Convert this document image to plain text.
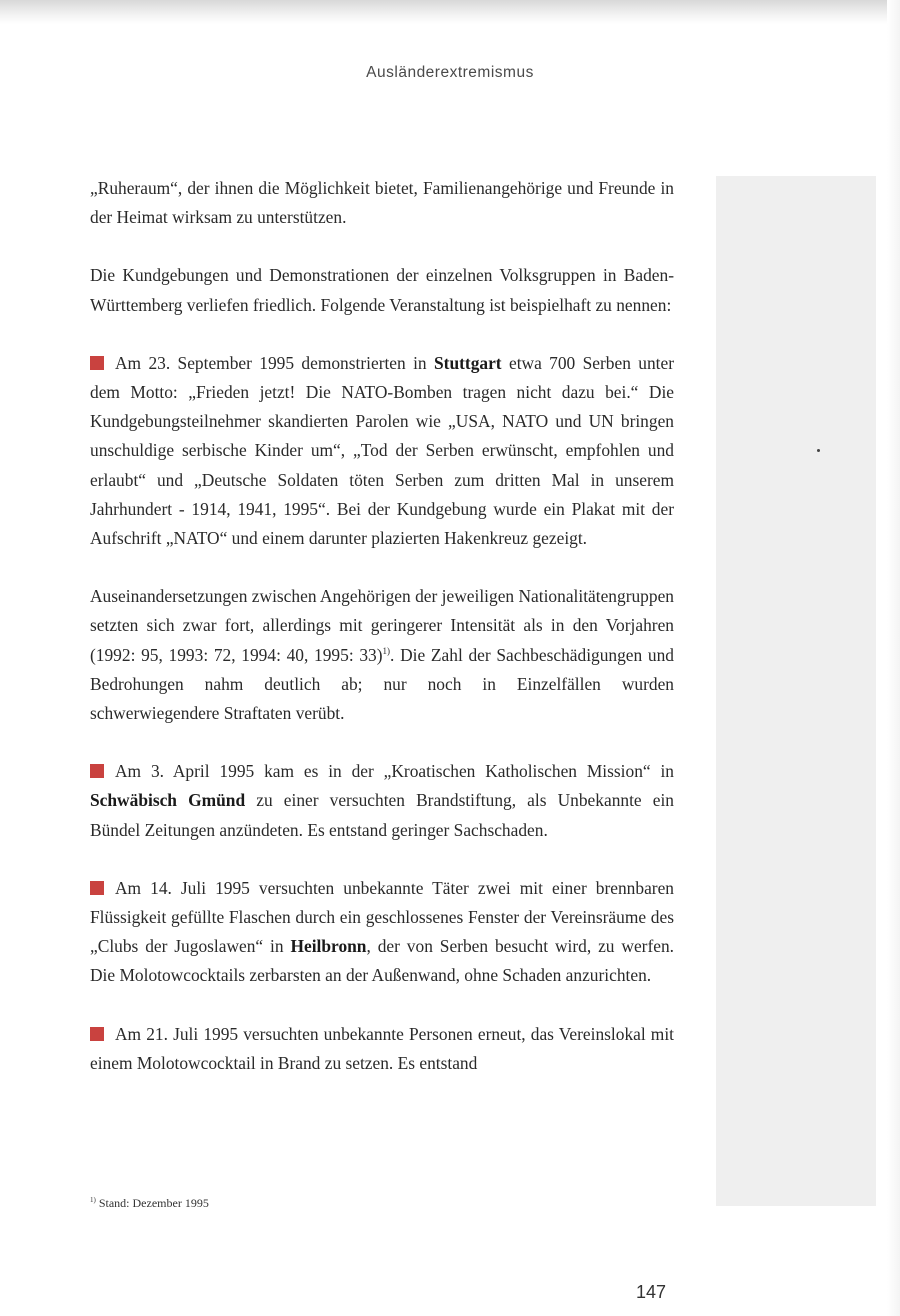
Ausländerextremismus

„Ruheraum“, der ihnen die Möglichkeit bietet, Familienangehörige und Freunde in der Heimat wirksam zu unterstützen.

Die Kundgebungen und Demonstrationen der einzelnen Volksgruppen in Baden-Württemberg verliefen friedlich. Folgende Veranstaltung ist beispielhaft zu nennen:

Am 23. September 1995 demonstrierten in Stuttgart etwa 700 Serben unter dem Motto: „Frieden jetzt! Die NATO-Bomben tragen nicht dazu bei.“ Die Kundgebungsteilnehmer skandierten Parolen wie „USA, NATO und UN bringen unschuldige serbische Kinder um“, „Tod der Serben erwünscht, empfohlen und erlaubt“ und „Deutsche Soldaten töten Serben zum dritten Mal in unserem Jahrhundert - 1914, 1941, 1995“. Bei der Kundgebung wurde ein Plakat mit der Aufschrift „NATO“ und einem darunter plazierten Hakenkreuz gezeigt.

Auseinandersetzungen zwischen Angehörigen der jeweiligen Nationalitätengruppen setzten sich zwar fort, allerdings mit geringerer Intensität als in den Vorjahren (1992: 95, 1993: 72, 1994: 40, 1995: 33)$^{1)}$. Die Zahl der Sachbeschädigungen und Bedrohungen nahm deutlich ab; nur noch in Einzelfällen wurden schwerwiegendere Straftaten verübt.

Am 3. April 1995 kam es in der „Kroatischen Katholischen Mission“ in Schwäbisch Gmünd zu einer versuchten Brandstiftung, als Unbekannte ein Bündel Zeitungen anzündeten. Es entstand geringer Sachschaden.

Am 14. Juli 1995 versuchten unbekannte Täter zwei mit einer brennbaren Flüssigkeit gefüllte Flaschen durch ein geschlossenes Fenster der Vereinsräume des „Clubs der Jugoslawen“ in Heilbronn, der von Serben besucht wird, zu werfen. Die Molotowcocktails zerbarsten an der Außenwand, ohne Schaden anzurichten.

Am 21. Juli 1995 versuchten unbekannte Personen erneut, das Vereinslokal mit einem Molotowcocktail in Brand zu setzen. Es entstand

$^{1)}$ Stand: Dezember 1995
147
